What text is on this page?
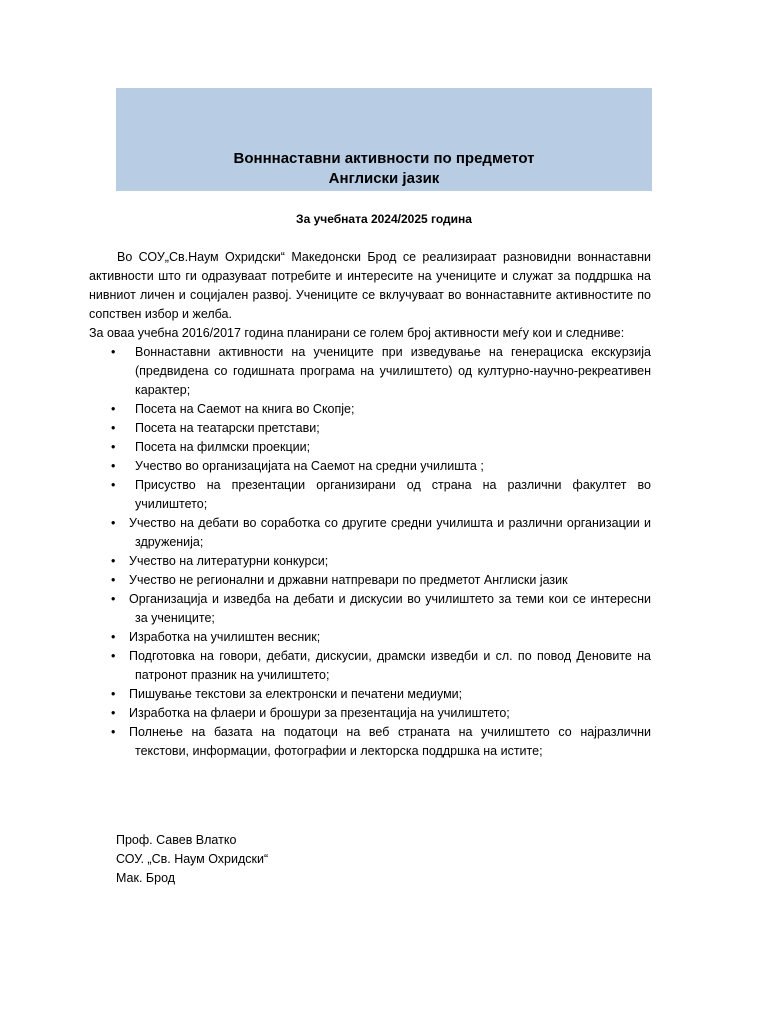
Вонннаставни активности по предметот
Англиски јазик
За учебната 2024/2025 година

Во СОУ„Св.Наум Охридски“ Македонски Брод се реализираат разновидни воннаставни активности што ги одразуваат потребите и интересите на учениците и служат за поддршка на нивниот личен и социјален развој. Учениците се вклучуваат во воннаставните активностите по сопствен избор и желба.

За оваа учебна 2016/2017 година планирани се голем број активности меѓу кои и следниве:

• Воннаставни активности на учениците при изведување на генерациска екскурзија (предвидена со годишната програма на училиштето) од културно-научно-рекреативен карактер;
• Посета на Саемот на книга во Скопје;
• Посета на театарски претстави;
• Посета на филмски проекции;
• Учество во организацијата на Саемот на средни училишта ;
• Присуство на презентации организирани од страна на различни факултет во училиштето;
• Учество на дебати во соработка со другите средни училишта и различни организации и здруженија;
• Учество на литературни конкурси;
• Учество не регионални и државни натпревари по предметот Англиски јазик
• Организација и изведба на дебати и дискусии во училиштето за теми кои се интересни за учениците;
• Изработка на училиштен весник;
• Подготовка на говори, дебати, дискусии, драмски изведби и сл. по повод Деновите на патронот празник на училиштето;
• Пишување текстови за електронски и печатени медиуми;
• Изработка на флаери и брошури за презентација на училиштето;
• Полнење на базата на податоци на веб страната на училиштето со најразлични текстови, информации, фотографии и лекторска поддршка на истите;
Проф. Савев Влатко
СОУ. „Св. Наум Охридски“
Мак. Брод
